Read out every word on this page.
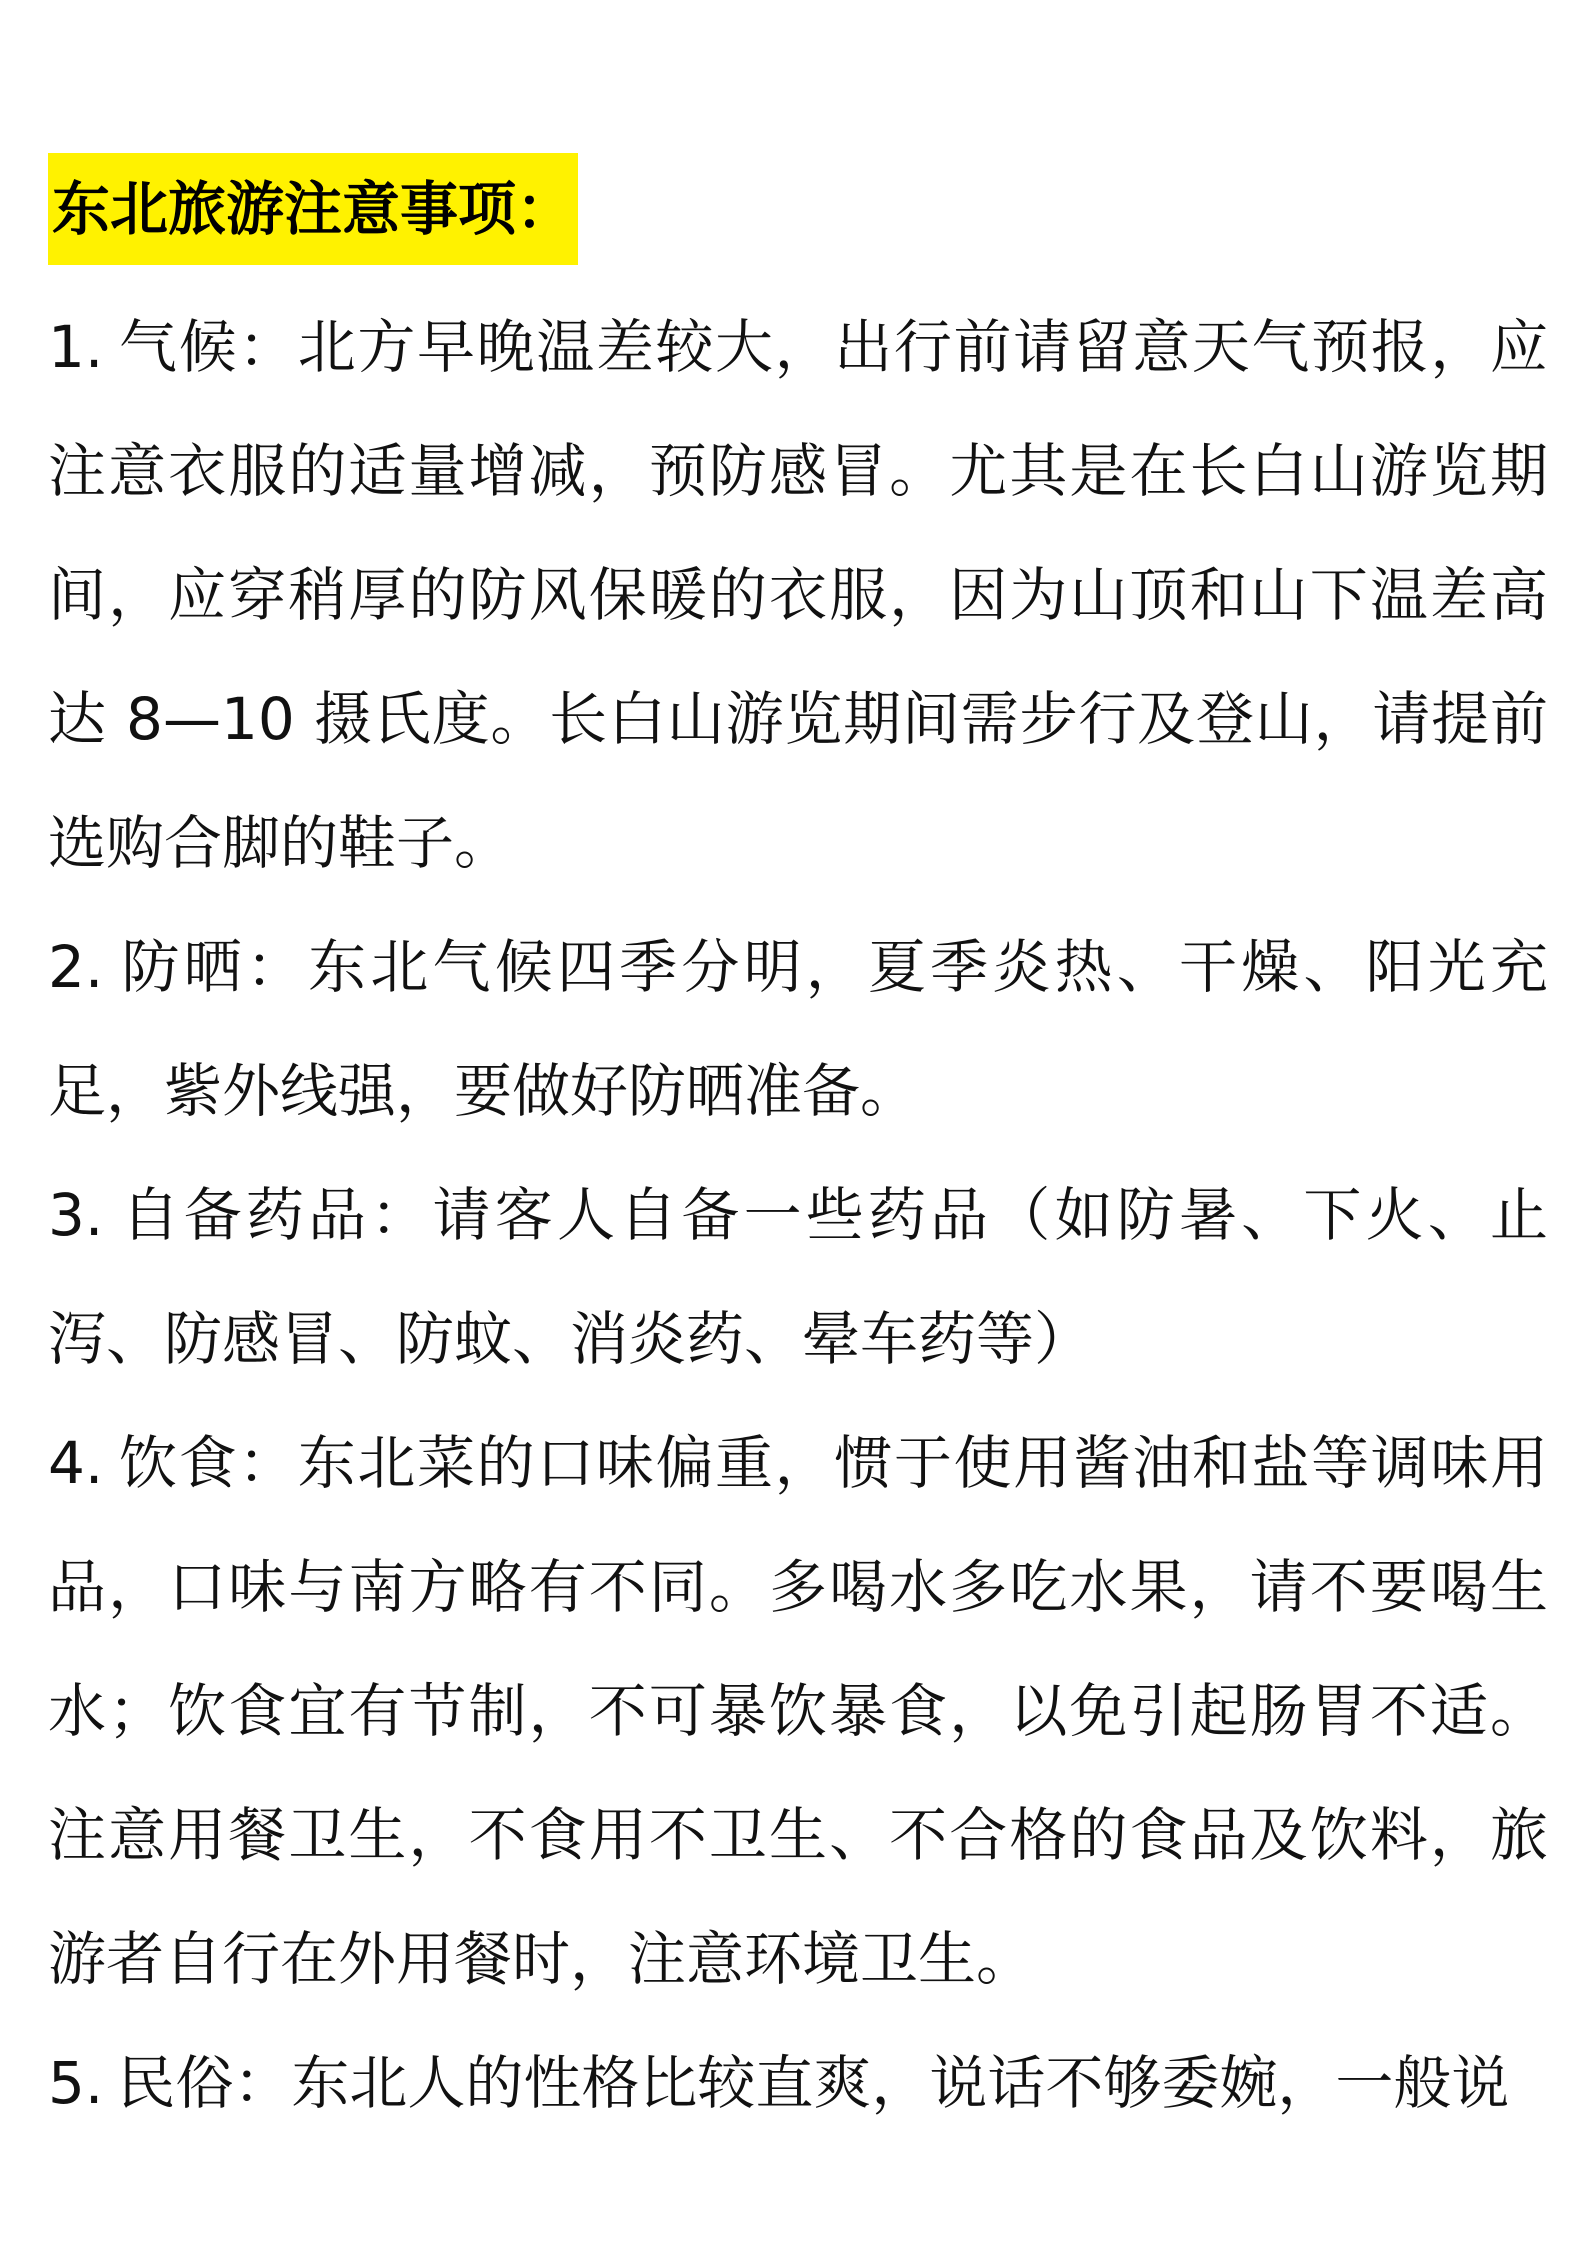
东北旅游注意事项：

1. 气候：北方早晚温差较大，出行前请留意天气预报，应注意衣服的适量增减，预防感冒。尤其是在长白山游览期间，应穿稍厚的防风保暖的衣服，因为山顶和山下温差高达 8—10 摄氏度。长白山游览期间需步行及登山，请提前选购合脚的鞋子。

2. 防晒：东北气候四季分明，夏季炎热、干燥、阳光充足，紫外线强，要做好防晒准备。

3. 自备药品：请客人自备一些药品（如防暑、下火、止泻、防感冒、防蚊、消炎药、晕车药等）

4. 饮食：东北菜的口味偏重，惯于使用酱油和盐等调味用品，口味与南方略有不同。多喝水多吃水果，请不要喝生水；饮食宜有节制，不可暴饮暴食，以免引起肠胃不适。注意用餐卫生，不食用不卫生、不合格的食品及饮料，旅游者自行在外用餐时，注意环境卫生。

5. 民俗：东北人的性格比较直爽，说话不够委婉，一般说
